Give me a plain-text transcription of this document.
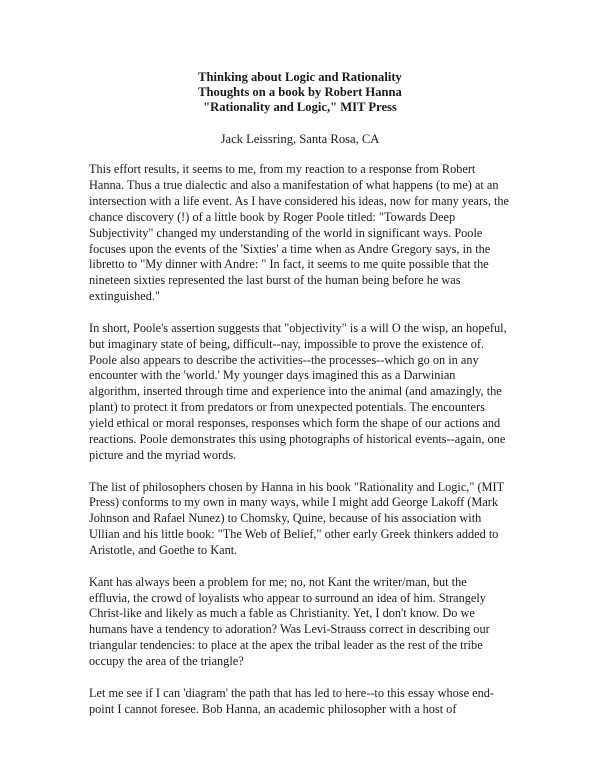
Thinking about Logic and Rationality

Thoughts on a book by Robert Hanna

"Rationality and Logic," MIT Press

Jack Leissring, Santa Rosa, CA

This effort results, it seems to me, from my reaction to a response from Robert
Hanna. Thus a true dialectic and also a manifestation of what happens (to me) at an
intersection with a life event. As I have considered his ideas, now for many years, the
chance discovery (!) of a little book by Roger Poole titled: "Towards Deep
Subjectivity" changed my understanding of the world in significant ways. Poole
focuses upon the events of the 'Sixties' a time when as Andre Gregory says, in the
libretto to "My dinner with Andre: " In fact, it seems to me quite possible that the
nineteen sixties represented the last burst of the human being before he was
extinguished."

In short, Poole's assertion suggests that "objectivity" is a will O the wisp, an hopeful,
but imaginary state of being, difficult--nay, impossible to prove the existence of.
Poole also appears to describe the activities--the processes--which go on in any
encounter with the 'world.' My younger days imagined this as a Darwinian
algorithm, inserted through time and experience into the animal (and amazingly, the
plant) to protect it from predators or from unexpected potentials. The encounters
yield ethical or moral responses, responses which form the shape of our actions and
reactions. Poole demonstrates this using photographs of historical events--again, one
picture and the myriad words.

The list of philosophers chosen by Hanna in his book "Rationality and Logic," (MIT
Press) conforms to my own in many ways, while I might add George Lakoff (Mark
Johnson and Rafael Nunez) to Chomsky, Quine, because of his association with
Ullian and his little book: "The Web of Belief," other early Greek thinkers added to
Aristotle, and Goethe to Kant.

Kant has always been a problem for me; no, not Kant the writer/man, but the
effluvia, the crowd of loyalists who appear to surround an idea of him. Strangely
Christ-like and likely as much a fable as Christianity. Yet, I don't know. Do we
humans have a tendency to adoration? Was Levi-Strauss correct in describing our
triangular tendencies: to place at the apex the tribal leader as the rest of the tribe
occupy the area of the triangle?

Let me see if I can 'diagram' the path that has led to here--to this essay whose end-
point I cannot foresee. Bob Hanna, an academic philosopher with a host of
